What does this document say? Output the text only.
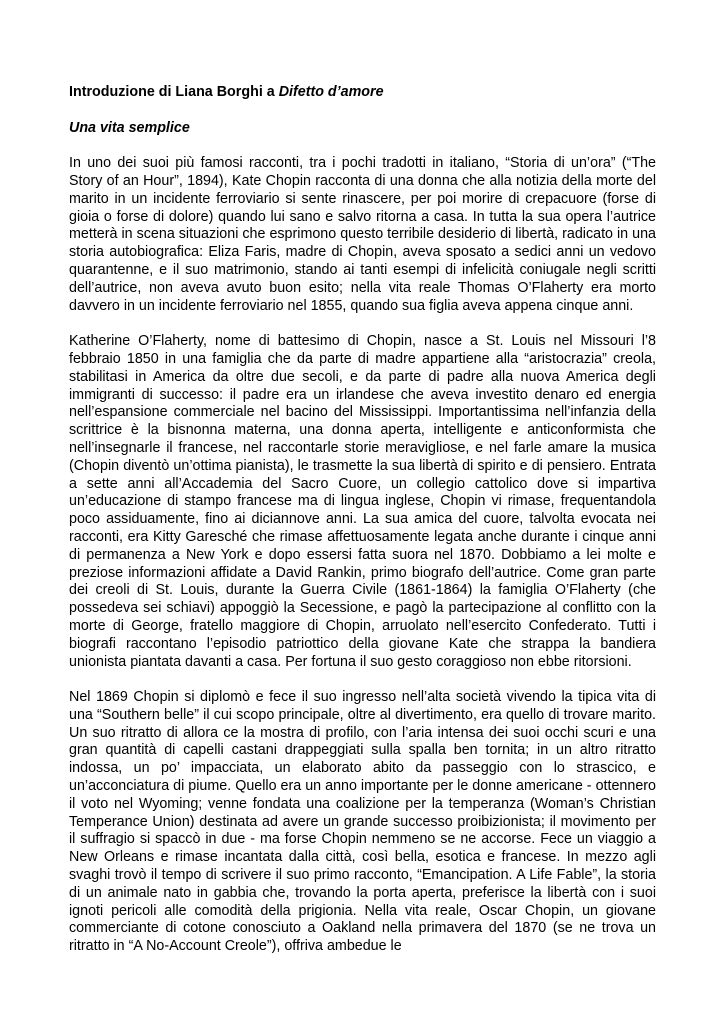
Introduzione di Liana Borghi a Difetto d’amore

Una vita semplice

In uno dei suoi più famosi racconti, tra i pochi tradotti in italiano, “Storia di un’ora” (“The Story of an Hour”, 1894), Kate Chopin racconta di una donna che alla notizia della morte del marito in un incidente ferroviario si sente rinascere, per poi morire di crepacuore (forse di gioia o forse di dolore) quando lui sano e salvo ritorna a casa. In tutta la sua opera l’autrice metterà in scena situazioni che esprimono questo terribile desiderio di libertà, radicato in una storia autobiografica: Eliza Faris, madre di Chopin, aveva sposato a sedici anni un vedovo quarantenne, e il suo matrimonio, stando ai tanti esempi di infelicità coniugale negli scritti dell’autrice, non aveva avuto buon esito; nella vita reale Thomas O’Flaherty era morto davvero in un incidente ferroviario nel 1855, quando sua figlia aveva appena cinque anni.

Katherine O’Flaherty, nome di battesimo di Chopin, nasce a St. Louis nel Missouri l’8 febbraio 1850 in una famiglia che da parte di madre appartiene alla “aristocrazia” creola, stabilitasi in America da oltre due secoli, e da parte di padre alla nuova America degli immigranti di successo: il padre era un irlandese che aveva investito denaro ed energia nell’espansione commerciale nel bacino del Mississippi. Importantissima nell’infanzia della scrittrice è la bisnonna materna, una donna aperta, intelligente e anticonformista che nell’insegnarle il francese, nel raccontarle storie meravigliose, e nel farle amare la musica (Chopin diventò un’ottima pianista), le trasmette la sua libertà di spirito e di pensiero. Entrata a sette anni all’Accademia del Sacro Cuore, un collegio cattolico dove si impartiva un’educazione di stampo francese ma di lingua inglese, Chopin vi rimase, frequentandola poco assiduamente, fino ai diciannove anni. La sua amica del cuore, talvolta evocata nei racconti, era Kitty Garesché che rimase affettuosamente legata anche durante i cinque anni di permanenza a New York e dopo essersi fatta suora nel 1870. Dobbiamo a lei molte e preziose informazioni affidate a David Rankin, primo biografo dell’autrice. Come gran parte dei creoli di St. Louis, durante la Guerra Civile (1861-1864) la famiglia O’Flaherty (che possedeva sei schiavi) appoggiò la Secessione, e pagò la partecipazione al conflitto con la morte di George, fratello maggiore di Chopin, arruolato nell’esercito Confederato. Tutti i biografi raccontano l’episodio patriottico della giovane Kate che strappa la bandiera unionista piantata davanti a casa. Per fortuna il suo gesto coraggioso non ebbe ritorsioni.

Nel 1869 Chopin si diplomò e fece il suo ingresso nell’alta società vivendo la tipica vita di una “Southern belle” il cui scopo principale, oltre al divertimento, era quello di trovare marito. Un suo ritratto di allora ce la mostra di profilo, con l’aria intensa dei suoi occhi scuri e una gran quantità di capelli castani drappeggiati sulla spalla ben tornita; in un altro ritratto indossa, un po’ impacciata, un elaborato abito da passeggio con lo strascico, e un’acconciatura di piume. Quello era un anno importante per le donne americane - ottennero il voto nel Wyoming; venne fondata una coalizione per la temperanza (Woman’s Christian Temperance Union) destinata ad avere un grande successo proibizionista; il movimento per il suffragio si spaccò in due - ma forse Chopin nemmeno se ne accorse. Fece un viaggio a New Orleans e rimase incantata dalla città, così bella, esotica e francese. In mezzo agli svaghi trovò il tempo di scrivere il suo primo racconto, “Emancipation. A Life Fable”, la storia di un animale nato in gabbia che, trovando la porta aperta, preferisce la libertà con i suoi ignoti pericoli alle comodità della prigionia. Nella vita reale, Oscar Chopin, un giovane commerciante di cotone conosciuto a Oakland nella primavera del 1870 (se ne trova un ritratto in “A No-Account Creole”), offriva ambedue le
